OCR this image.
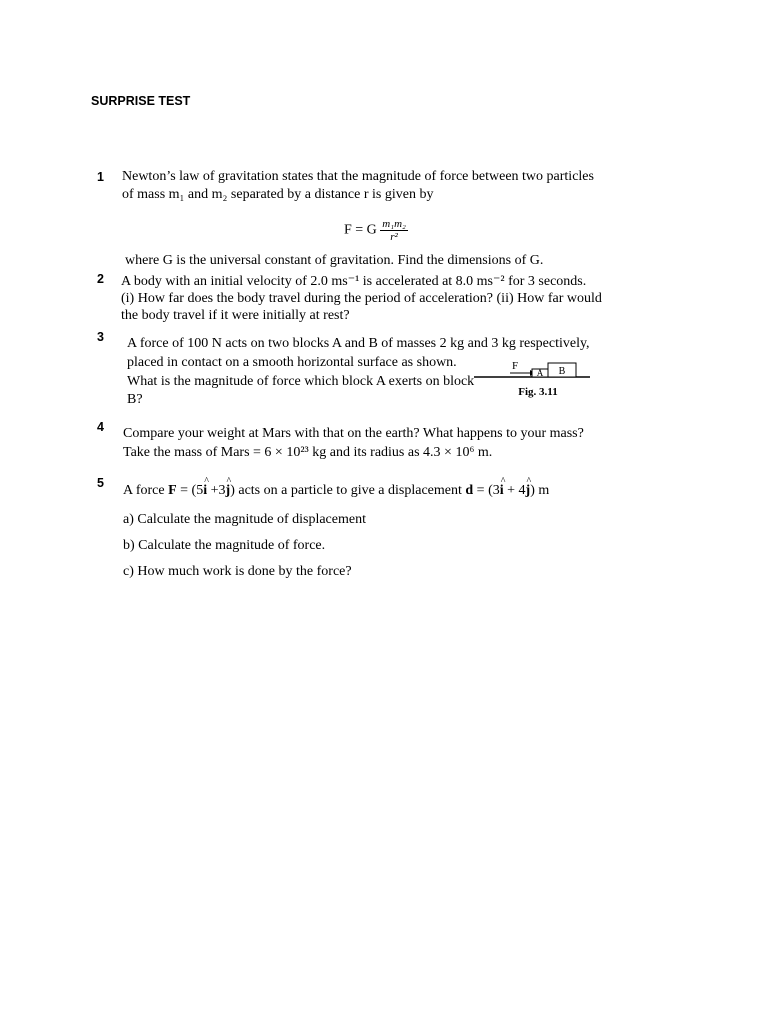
SURPRISE TEST
1 Newton’s law of gravitation states that the magnitude of force between two particles
of mass m₁ and m₂ separated by a distance r is given by
F = G $\frac{\text{m₁m₂}}{\text{r²}}$
where G is the universal constant of gravitation. Find the dimensions of G.
2 A body with an initial velocity of 2.0 ms⁻¹ is accelerated at 8.0 ms⁻² for 3 seconds.
(i) How far does the body travel during the period of acceleration? (ii) How far would
the body travel if it were initially at rest?
3 A force of 100 N acts on two blocks A and B of masses 2 kg and 3 kg respectively,
placed in contact on a smooth horizontal surface as shown.
What is the magnitude of force which block A exerts on block
B?
F
A B
Fig. 3.11
4 Compare your weight at Mars with that on the earth? What happens to your mass?
Take the mass of Mars = 6 × 10²³ kg and its radius as 4.3 × 10⁶ m.
5 A force F = (5^ i +3^ j) acts on a particle to give a displacement d = (3^ i + 4^ j) m
a) Calculate the magnitude of displacement
b) Calculate the magnitude of force.
c) How much work is done by the force?
